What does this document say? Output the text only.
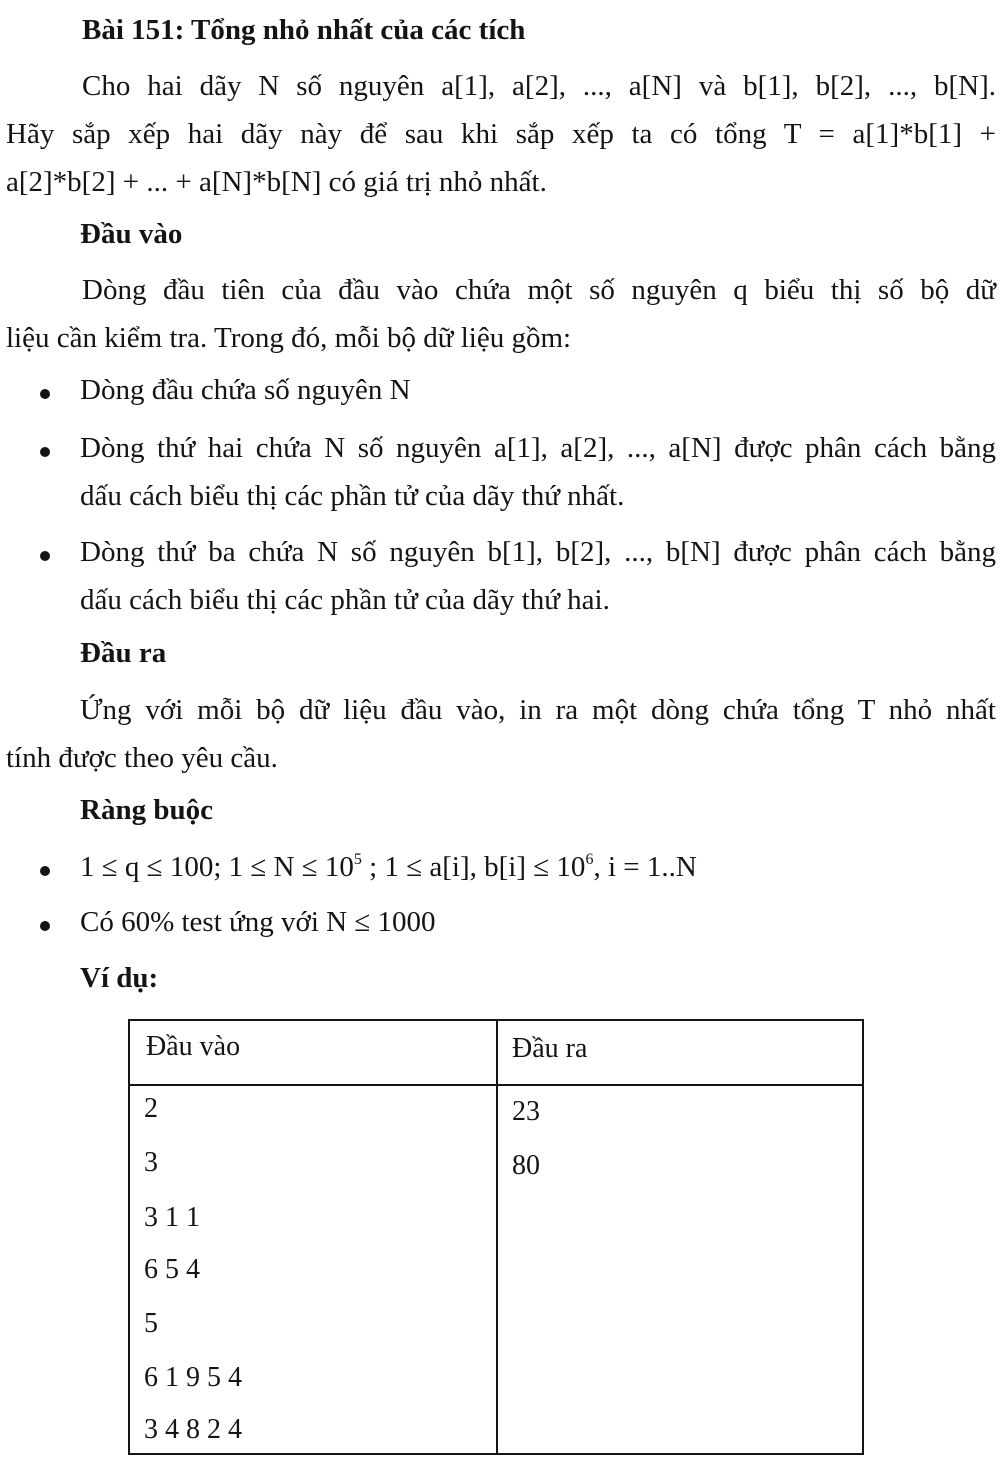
Bài 151: Tổng nhỏ nhất của các tích
Cho hai dãy N số nguyên a[1], a[2], ..., a[N] và b[1], b[2], ..., b[N].
Hãy sắp xếp hai dãy này để sau khi sắp xếp ta có tổng T = a[1]*b[1] +
a[2]*b[2] + ... + a[N]*b[N] có giá trị nhỏ nhất.
Đầu vào
Dòng đầu tiên của đầu vào chứa một số nguyên q biểu thị số bộ dữ
liệu cần kiểm tra. Trong đó, mỗi bộ dữ liệu gồm:
Dòng đầu chứa số nguyên N
Dòng thứ hai chứa N số nguyên a[1], a[2], ..., a[N] được phân cách bằng
dấu cách biểu thị các phần tử của dãy thứ nhất.
Dòng thứ ba chứa N số nguyên b[1], b[2], ..., b[N] được phân cách bằng
dấu cách biểu thị các phần tử của dãy thứ hai.
Đầu ra
Ứng với mỗi bộ dữ liệu đầu vào, in ra một dòng chứa tổng T nhỏ nhất
tính được theo yêu cầu.
Ràng buộc
1 ≤ q ≤ 100; $1 \le N \le 10^5$ ; 1 ≤ a[i], $b[i] \le 10^6$, i = 1..N
Có 60% test ứng với N ≤ 1000
Ví dụ:
Đầu vào	Đầu ra
2
3
3 1 1
6 5 4
5
6 1 9 5 4
3 4 8 2 4
23
80
